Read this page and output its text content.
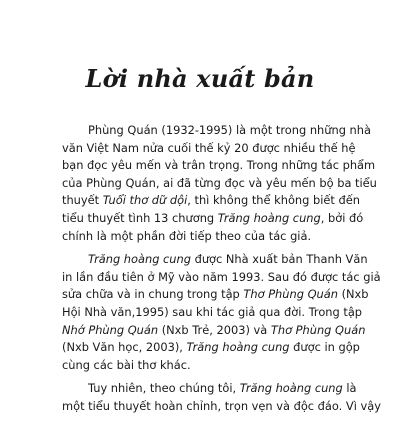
Lời nhà xuất bản
Phùng Quán (1932-1995) là một trong những nhà
văn Việt Nam nửa cuối thế kỷ 20 được nhiều thế hệ
bạn đọc yêu mến và trân trọng. Trong những tác phẩm
của Phùng Quán, ai đã từng đọc và yêu mến bộ ba tiểu
thuyết Tuổi thơ dữ dội, thì không thể không biết đến
tiểu thuyết tình 13 chương Trăng hoàng cung, bởi đó
chính là một phần đời tiếp theo của tác giả.
Trăng hoàng cung được Nhà xuất bản Thanh Văn
in lần đầu tiên ở Mỹ vào năm 1993. Sau đó được tác giả
sửa chữa và in chung trong tập Thơ Phùng Quán (Nxb
Hội Nhà văn,1995) sau khi tác giả qua đời. Trong tập
Nhớ Phùng Quán (Nxb Trẻ, 2003) và Thơ Phùng Quán
(Nxb Văn học, 2003), Trăng hoàng cung được in gộp
cùng các bài thơ khác.
Tuy nhiên, theo chúng tôi, Trăng hoàng cung là
một tiểu thuyết hoàn chỉnh, trọn vẹn và độc đáo. Vì vậy
